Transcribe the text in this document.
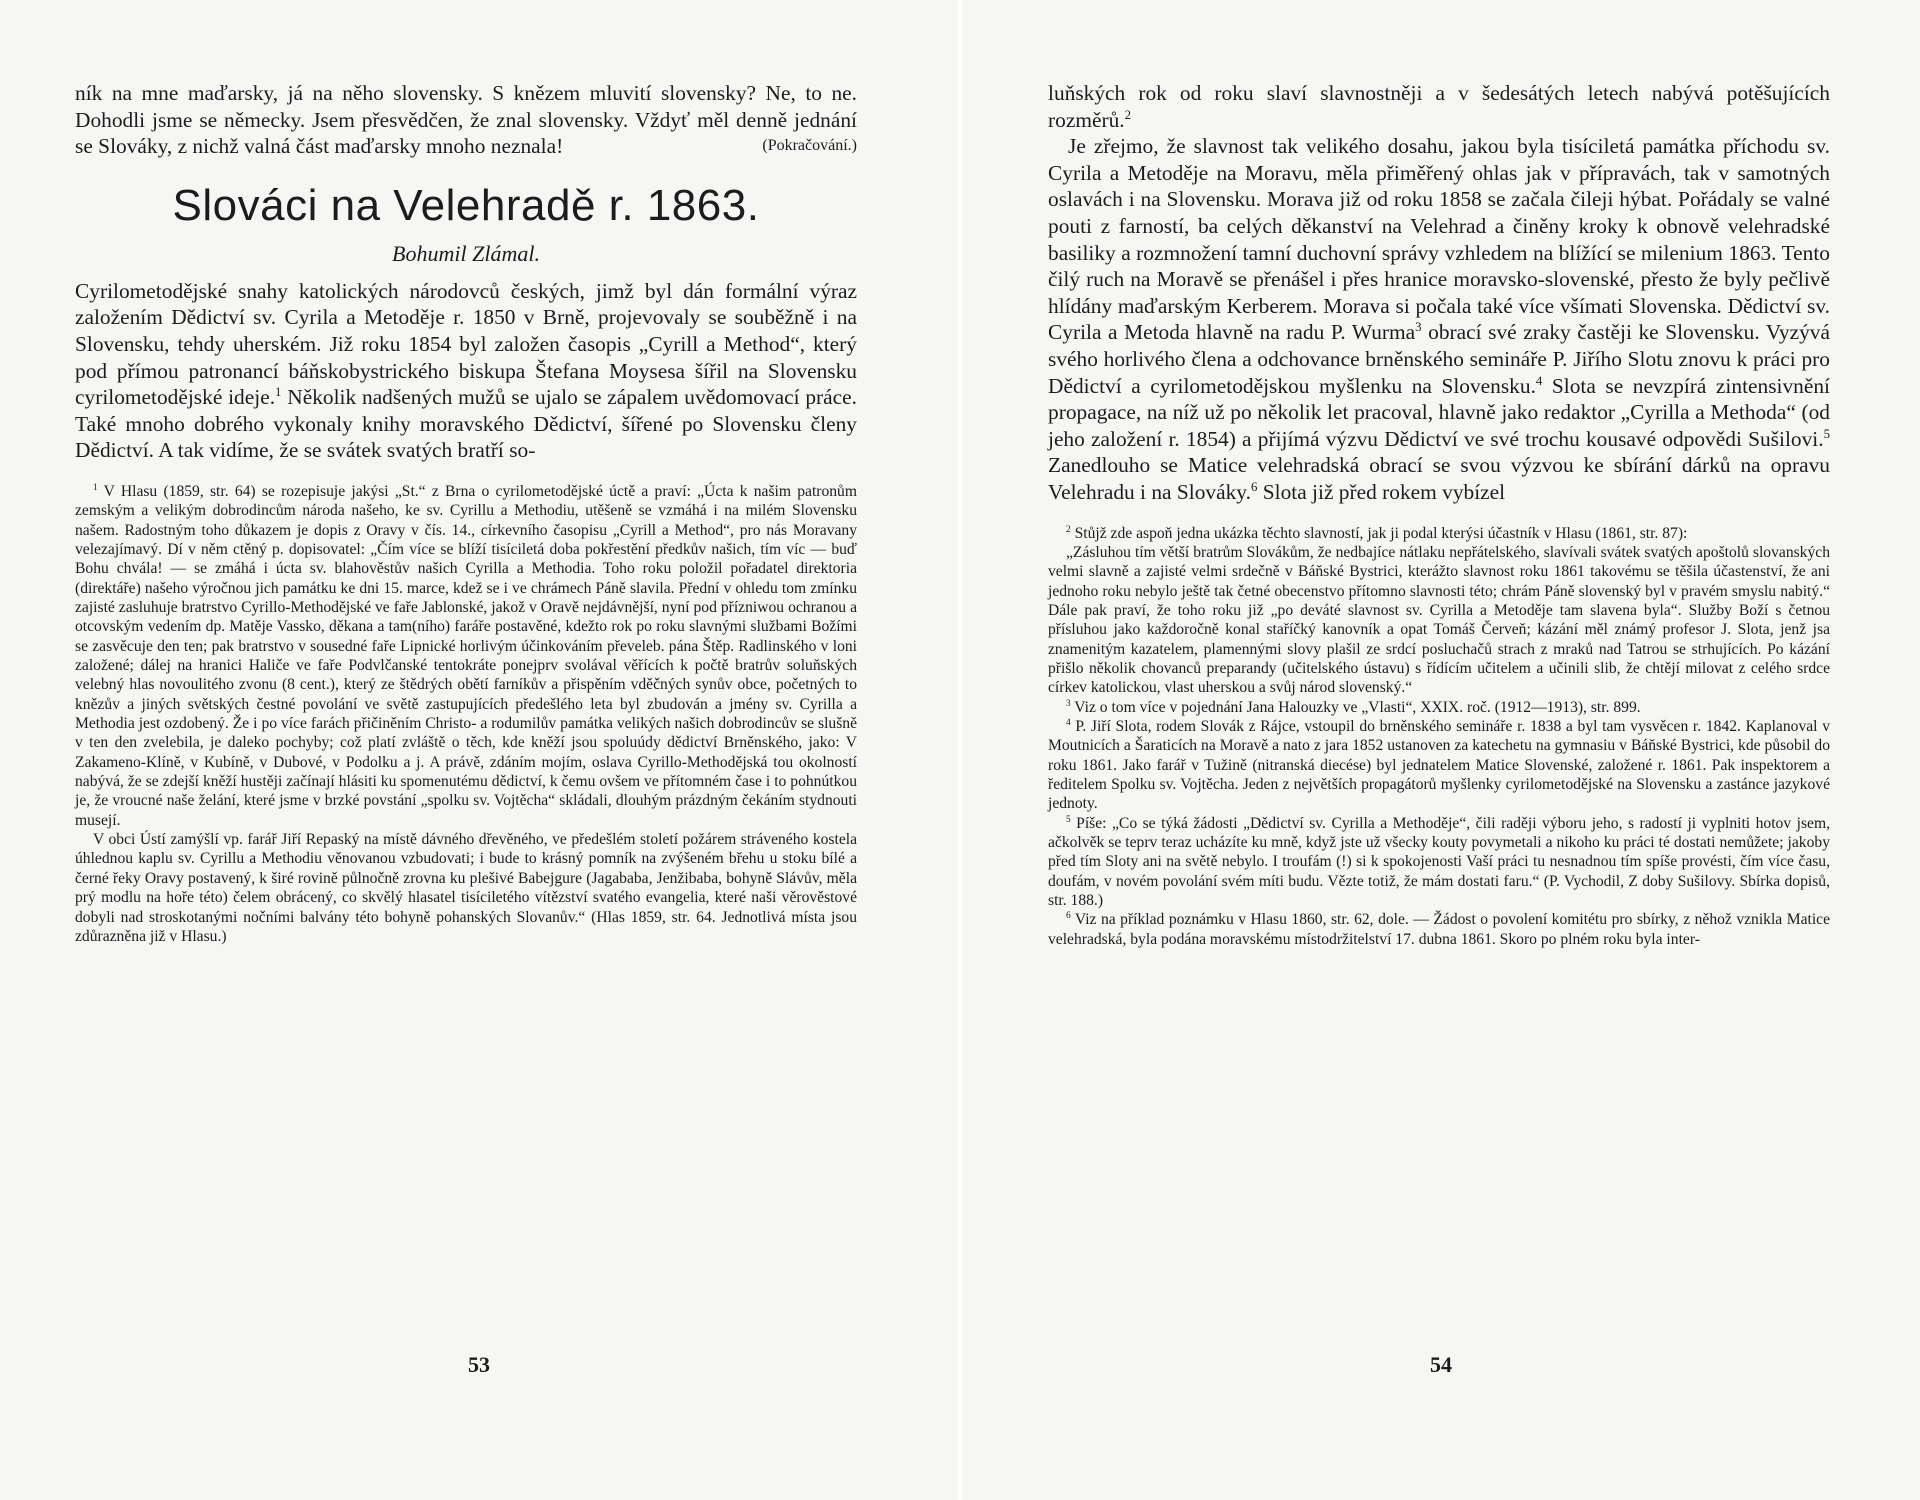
ník na mne maďarsky, já na něho slovensky. S knězem mluvití slovensky? Ne, to ne. Dohodli jsme se německy. Jsem přesvědčen, že znal slovensky. Vždyť měl denně jednání se Slováky, z nichž valná část maďarsky mnoho neznala!	(Pokračování.)

Slováci na Velehradě r. 1863.

Bohumil Zlámal.

Cyrilometodějské snahy katolických národovců českých, jimž byl dán formální výraz založením Dědictví sv. Cyrila a Metoděje r. 1850 v Brně, projevovaly se souběžně i na Slovensku, tehdy uherském. Již roku 1854 byl založen časopis „Cyrill a Method“, který pod přímou patronancí báňskobystrického biskupa Štefana Moysesa šířil na Slovensku cyrilometodějské ideje.$^1$ Několik nadšených mužů se ujalo se zápalem uvědomovací práce. Také mnoho dobrého vykonaly knihy moravského Dědictví, šířené po Slovensku členy Dědictví. A tak vidíme, že se svátek svatých bratří so-

$^1$ V Hlasu (1859, str. 64) se rozepisuje jakýsi „St.“ z Brna o cyrilometodějské úctě a praví: „Úcta k našim patronům zemským a velikým dobrodincům národa našeho, ke sv. Cyrillu a Methodiu, utěšeně se vzmáhá i na milém Slovensku našem. Radostným toho důkazem je dopis z Oravy v čís. 14., církevního časopisu „Cyrill a Method“, pro nás Moravany velezajímavý. Dí v něm ctěný p. dopisovatel: „Čím více se blíží tisíciletá doba pokřestění předkův našich, tím víc — buď Bohu chvála! — se zmáhá i úcta sv. blahověstův našich Cyrilla a Methodia. Toho roku položil pořadatel direktoria (direktáře) našeho výročnou jich památku ke dni 15. marce, kdež se i ve chrámech Páně slavila. Přední v ohledu tom zmínku zajisté zasluhuje bratrstvo Cyrillo-Methodějské ve faře Jablonské, jakož v Oravě nejdávnější, nyní pod přízniwou ochranou a otcovským vedením dp. Matěje Vassko, děkana a tam(ního) faráře postavěné, kdežto rok po roku slavnými službami Božími se zasvěcuje den ten; pak bratrstvo v sousedné faře Lipnické horlivým účinkováním převeleb. pána Štěp. Radlinského v loni založené; dálej na hranici Haliče ve faře Podvlčanské tentokráte ponejprv svolával věřících k počtě bratrův soluňských velebný hlas novoulitého zvonu (8 cent.), který ze štědrých obětí farníkův a přispěním vděčných synův obce, početných to knězův a jiných světských čestné povolání ve světě zastupujících předešlého leta byl zbudován a jmény sv. Cyrilla a Methodia jest ozdobený. Že i po více farách přičiněním Christo- a rodumilův památka velikých našich dobrodincův se slušně v ten den zvelebila, je daleko pochyby; což platí zvláště o těch, kde kněží jsou spoluúdy dědictví Brněnského, jako: V Zakameno-Klíně, v Kubíně, v Dubové, v Podolku a j. A právě, zdáním mojím, oslava Cyrillo-Methodějská tou okolností nabývá, že se zdejší kněží hustěji začínají hlásiti ku spomenutému dědictví, k čemu ovšem ve přítomném čase i to pohnútkou je, že vroucné naše želání, které jsme v brzké povstání „spolku sv. Vojtěcha“ skládali, dlouhým prázdným čekáním stydnouti musejí.

V obci Ústí zamýšlí vp. farář Jiří Repaský na místě dávného dřevěného, ve předešlém století požárem stráveného kostela úhlednou kaplu sv. Cyrillu a Methodiu věnovanou vzbudovati; i bude to krásný pomník na zvýšeném břehu u stoku bílé a černé řeky Oravy postavený, k širé rovině půlnočně zrovna ku plešivé Babejgure (Jagababa, Jenžibaba, bohyně Slávův, měla prý modlu na hoře této) čelem obrácený, co skvělý hlasatel tisíciletého vítězství svatého evangelia, které naši věrověstové dobyli nad stroskotanými nočními balvány této bohyně pohanských Slovanův.“ (Hlas 1859, str. 64. Jednotlivá místa jsou zdůrazněna již v Hlasu.)

53

luňských rok od roku slaví slavnostněji a v šedesátých letech nabývá potěšujících rozměrů.$^2$

Je zřejmo, že slavnost tak velikého dosahu, jakou byla tisíciletá památka příchodu sv. Cyrila a Metoděje na Moravu, měla přiměřený ohlas jak v přípravách, tak v samotných oslavách i na Slovensku. Morava již od roku 1858 se začala čileji hýbat. Pořádaly se valné pouti z farností, ba celých děkanství na Velehrad a činěny kroky k obnově velehradské basiliky a rozmnožení tamní duchovní správy vzhledem na blížící se milenium 1863. Tento čilý ruch na Moravě se přenášel i přes hranice moravsko-slovenské, přesto že byly pečlivě hlídány maďarským Kerberem. Morava si počala také více všímati Slovenska. Dědictví sv. Cyrila a Metoda hlavně na radu P. Wurma$^3$ obrací své zraky častěji ke Slovensku. Vyzývá svého horlivého člena a odchovance brněnského semináře P. Jiřího Slotu znovu k práci pro Dědictví a cyrilometodějskou myšlenku na Slovensku.$^4$ Slota se nevzpírá zintensivnění propagace, na níž už po několik let pracoval, hlavně jako redaktor „Cyrilla a Methoda“ (od jeho založení r. 1854) a přijímá výzvu Dědictví ve své trochu kousavé odpovědi Sušilovi.$^5$ Zanedlouho se Matice velehradská obrací se svou výzvou ke sbírání dárků na opravu Velehradu i na Slováky.$^6$ Slota již před rokem vybízel

$^2$ Stůjž zde aspoň jedna ukázka těchto slavností, jak ji podal kterýsi účastník v Hlasu (1861, str. 87):

„Zásluhou tím větší bratrům Slovákům, že nedbajíce nátlaku nepřátelského, slavívali svátek svatých apoštolů slovanských velmi slavně a zajisté velmi srdečně v Báňské Bystrici, kterážto slavnost roku 1861 takovému se těšila účastenství, že ani jednoho roku nebylo ještě tak četné obecenstvo přítomno slavnosti této; chrám Páně slovenský byl v pravém smyslu nabitý.“ Dále pak praví, že toho roku již „po deváté slavnost sv. Cyrilla a Metoděje tam slavena byla“. Služby Boží s četnou přísluhou jako každoročně konal staříčký kanovník a opat Tomáš Červeň; kázání měl známý profesor J. Slota, jenž jsa znamenitým kazatelem, plamennými slovy plašil ze srdcí posluchačů strach z mraků nad Tatrou se strhujících. Po kázání přišlo několik chovanců preparandy (učitelského ústavu) s řídícím učitelem a učinili slib, že chtějí milovat z celého srdce církev katolickou, vlast uherskou a svůj národ slovenský.“

$^3$ Viz o tom více v pojednání Jana Halouzky ve „Vlasti“, XXIX. roč. (1912—1913), str. 899.

$^4$ P. Jiří Slota, rodem Slovák z Rájce, vstoupil do brněnského semináře r. 1838 a byl tam vysvěcen r. 1842. Kaplanoval v Moutnicích a Šaraticích na Moravě a nato z jara 1852 ustanoven za katechetu na gymnasiu v Báňské Bystrici, kde působil do roku 1861. Jako farář v Tužině (nitranská diecése) byl jednatelem Matice Slovenské, založené r. 1861. Pak inspektorem a ředitelem Spolku sv. Vojtěcha. Jeden z největších propagátorů myšlenky cyrilometodějské na Slovensku a zastánce jazykové jednoty.

$^5$ Píše: „Co se týká žádosti „Dědictví sv. Cyrilla a Methoděje“, čili raději výboru jeho, s radostí ji vyplniti hotov jsem, ačkolvěk se teprv teraz ucházíte ku mně, když jste už všecky kouty povymetali a nikoho ku práci té dostati nemůžete; jakoby před tím Sloty ani na světě nebylo. I troufám (!) si k spokojenosti Vaší práci tu nesnadnou tím spíše provésti, čím více času, doufám, v novém povolání svém míti budu. Vězte totiž, že mám dostati faru.“ (P. Vychodil, Z doby Sušilovy. Sbírka dopisů, str. 188.)

$^6$ Viz na příklad poznámku v Hlasu 1860, str. 62, dole. — Žádost o povolení komitétu pro sbírky, z něhož vznikla Matice velehradská, byla podána moravskému místodržitelství 17. dubna 1861. Skoro po plném roku byla inter-

54
